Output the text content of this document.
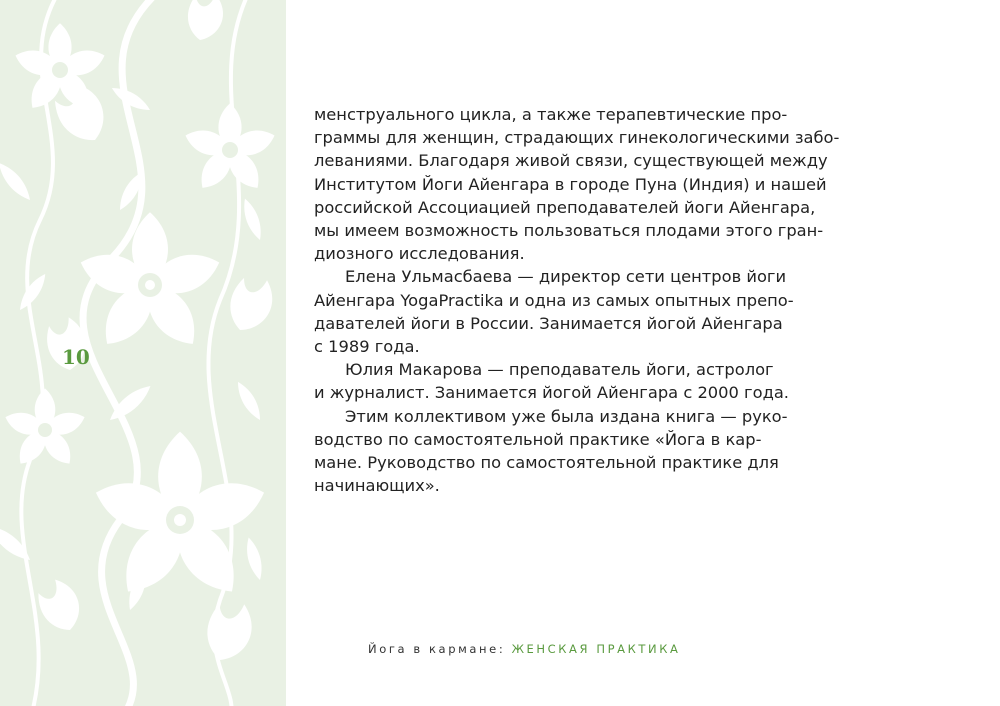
10
менструального цикла, а также терапевтические про-
граммы для женщин, страдающих гинекологическими забо-
леваниями. Благодаря живой связи, существующей между
Институтом Йоги Айенгара в городе Пуна (Индия) и нашей
российской Ассоциацией преподавателей йоги Айенгара,
мы имеем возможность пользоваться плодами этого гран-
диозного исследования.
Елена Ульмасбаева — директор сети центров йоги
Айенгара YogaPractika и одна из самых опытных препо-
давателей йоги в России. Занимается йогой Айенгара
с 1989 года.
Юлия Макарова — преподаватель йоги, астролог
и журналист. Занимается йогой Айенгара с 2000 года.
Этим коллективом уже была издана книга — руко-
водство по самостоятельной практике «Йога в кар-
мане. Руководство по самостоятельной практике для
начинающих».
Йога в кармане: ЖЕНСКАЯ ПРАКТИКА
